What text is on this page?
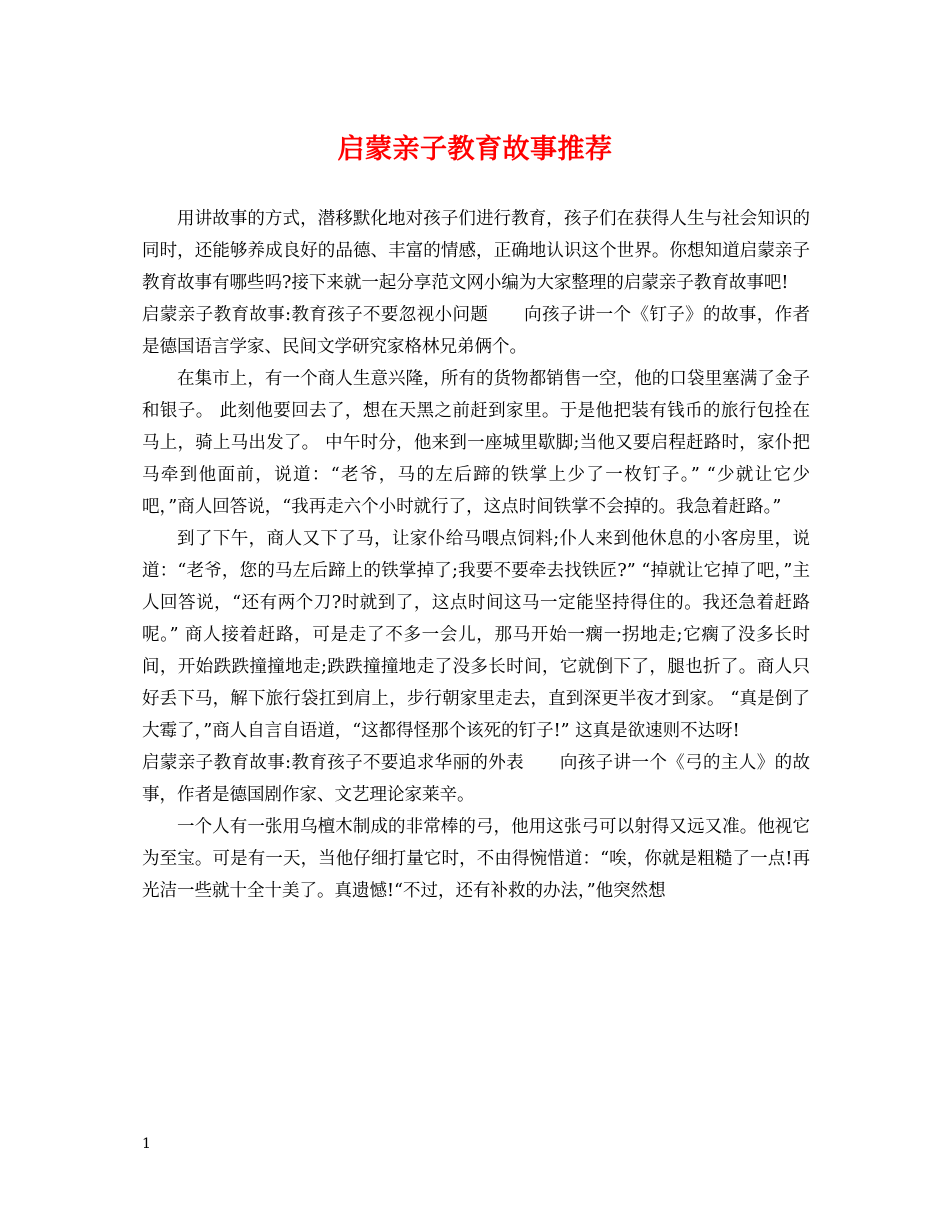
启蒙亲子教育故事推荐

用讲故事的方式，潜移默化地对孩子们进行教育，孩子们在获得人生与社会知识的同时，还能够养成良好的品德、丰富的情感，正确地认识这个世界。你想知道启蒙亲子教育故事有哪些吗?接下来就一起分享范文网小编为大家整理的启蒙亲子教育故事吧!

启蒙亲子教育故事:教育孩子不要忽视小问题　　向孩子讲一个《钉子》的故事，作者是德国语言学家、民间文学研究家格林兄弟俩个。

在集市上，有一个商人生意兴隆，所有的货物都销售一空，他的口袋里塞满了金子和银子。 此刻他要回去了，想在天黑之前赶到家里。于是他把装有钱币的旅行包拴在马上，骑上马出发了。 中午时分，他来到一座城里歇脚;当他又要启程赶路时，家仆把马牵到他面前，说道：“老爷，马的左后蹄的铁掌上少了一枚钉子。” “少就让它少吧，”商人回答说，“我再走六个小时就行了，这点时间铁掌不会掉的。我急着赶路。”

到了下午，商人又下了马，让家仆给马喂点饲料;仆人来到他休息的小客房里，说道：“老爷，您的马左后蹄上的铁掌掉了;我要不要牵去找铁匠?” “掉就让它掉了吧，”主人回答说，“还有两个刀?时就到了，这点时间这马一定能坚持得住的。我还急着赶路呢。” 商人接着赶路，可是走了不多一会儿，那马开始一瘸一拐地走;它瘸了没多长时间，开始跌跌撞撞地走;跌跌撞撞地走了没多长时间，它就倒下了，腿也折了。商人只好丢下马，解下旅行袋扛到肩上，步行朝家里走去，直到深更半夜才到家。 “真是倒了大霉了，”商人自言自语道，“这都得怪那个该死的钉子!” 这真是欲速则不达呀!

启蒙亲子教育故事:教育孩子不要追求华丽的外表　　向孩子讲一个《弓的主人》的故事，作者是德国剧作家、文艺理论家莱辛。

一个人有一张用乌檀木制成的非常棒的弓，他用这张弓可以射得又远又准。他视它为至宝。可是有一天，当他仔细打量它时，不由得惋惜道：“唉，你就是粗糙了一点!再光洁一些就十全十美了。真遗憾!“不过，还有补救的办法，”他突然想

1
